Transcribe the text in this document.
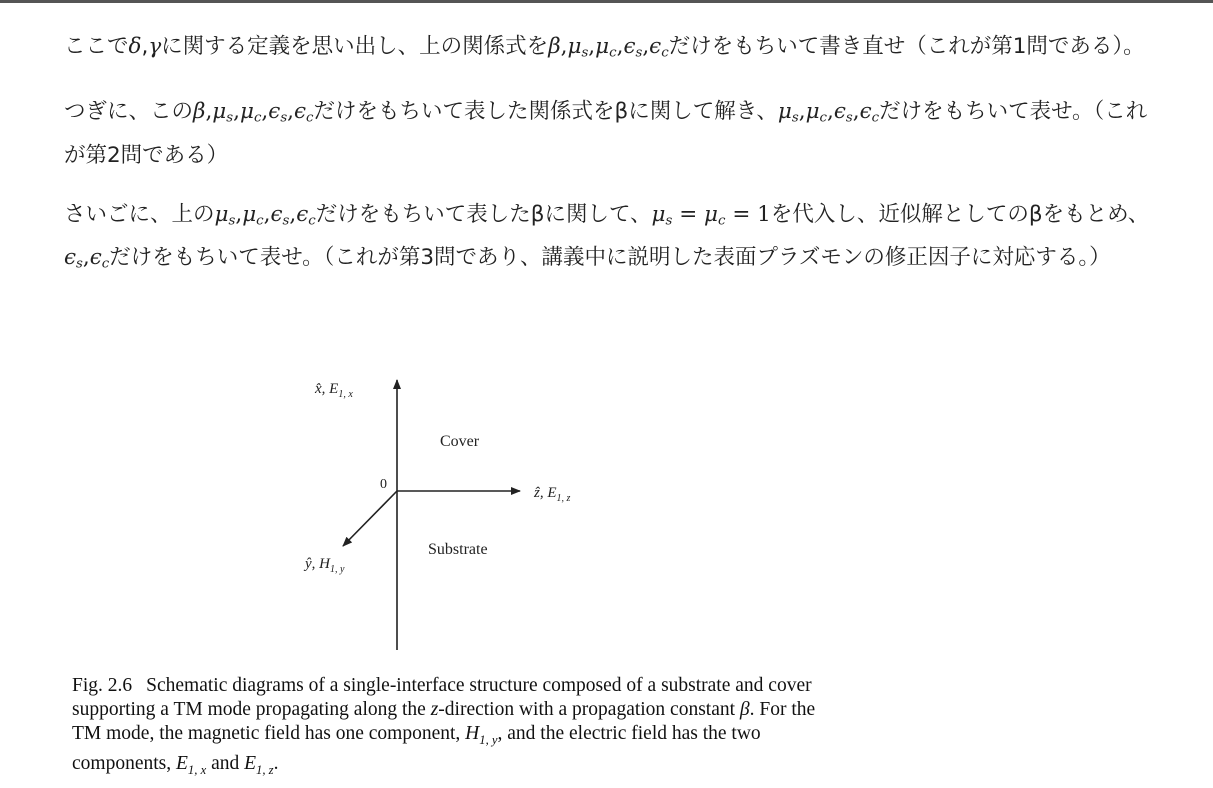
ここでδ,γに関する定義を思い出し、上の関係式を$\beta,\mu_s,\mu_c,\epsilon_s,\epsilon_c$だけをもちいて書き直せ（これが第1問である）。

つぎに、この$\beta,\mu_s,\mu_c,\epsilon_s,\epsilon_c$だけをもちいて表した関係式をβに関して解き、$\mu_s,\mu_c,\epsilon_s,\epsilon_c$だけをもちいて表せ。（これが第2問である）

さいごに、上の$\mu_s,\mu_c,\epsilon_s,\epsilon_c$だけをもちいて表したβに関して、$\mu_s = \mu_c = 1$を代入し、近似解としてのβをもとめ、$\epsilon_s,\epsilon_c$だけをもちいて表せ。（これが第3問であり、講義中に説明した表面プラズモンの修正因子に対応する。）

x̂, $E_{1, x}$
ẑ, $E_{1, z}$
ŷ, $H_{1, y}$
0
Cover
Substrate
Fig. 2.6 Schematic diagrams of a single-interface structure composed of a substrate and cover supporting a TM mode propagating along the z-direction with a propagation constant β. For the TM mode, the magnetic field has one component, $H_{1, y}$, and the electric field has the two components, $E_{1, x}$ and $E_{1, z}$.
